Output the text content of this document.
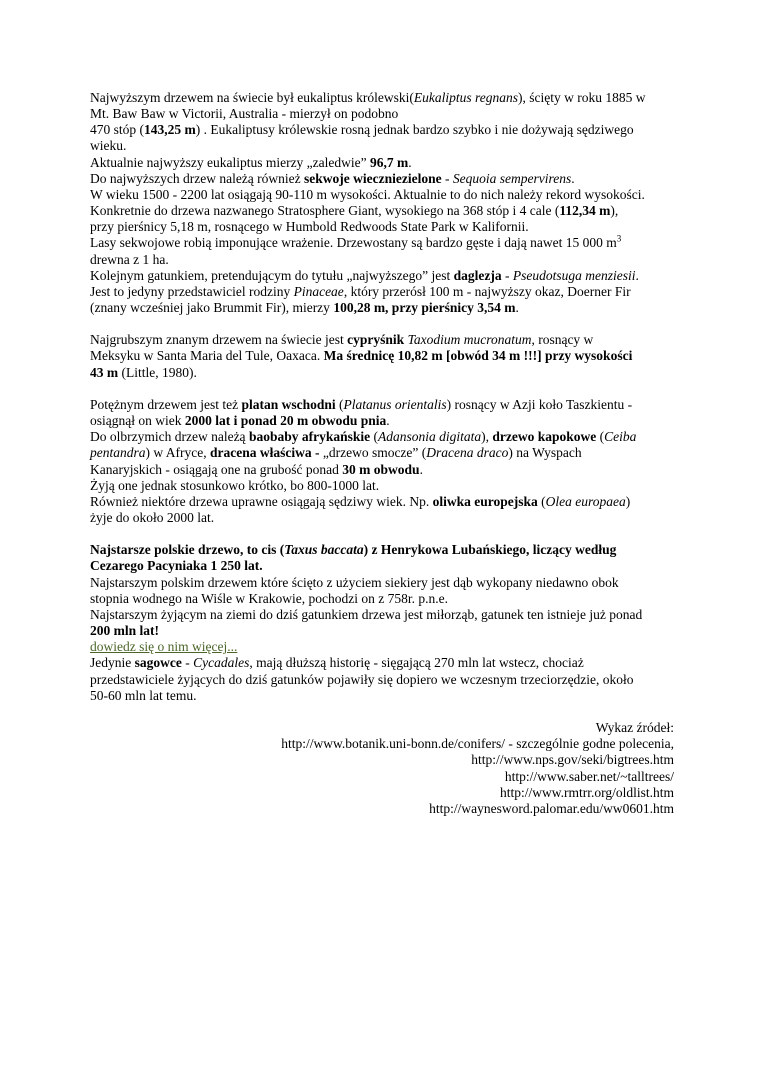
Najwyższym drzewem na świecie był eukaliptus królewski(Eukaliptus regnans), ścięty w roku 1885 w
Mt. Baw Baw w Victorii, Australia - mierzył on podobno
470 stóp (143,25 m) . Eukaliptusy królewskie rosną jednak bardzo szybko i nie dożywają sędziwego
wieku.
Aktualnie najwyższy eukaliptus mierzy „zaledwie” 96,7 m.
Do najwyższych drzew należą również sekwoje wieczniezielone - Sequoia sempervirens.
W wieku 1500 - 2200 lat osiągają 90-110 m wysokości. Aktualnie to do nich należy rekord wysokości.
Konkretnie do drzewa nazwanego Stratosphere Giant, wysokiego na 368 stóp i 4 cale (112,34 m),
przy pierśnicy 5,18 m, rosnącego w Humbold Redwoods State Park w Kalifornii.
Lasy sekwojowe robią imponujące wrażenie. Drzewostany są bardzo gęste i dają nawet 15 000 $m^3$
drewna z 1 ha.
Kolejnym gatunkiem, pretendującym do tytułu „najwyższego” jest daglezja - Pseudotsuga menziesii.
Jest to jedyny przedstawiciel rodziny Pinaceae, który przerósł 100 m - najwyższy okaz, Doerner Fir
(znany wcześniej jako Brummit Fir), mierzy 100,28 m, przy pierśnicy 3,54 m.
Najgrubszym znanym drzewem na świecie jest cypryśnik Taxodium mucronatum, rosnący w
Meksyku w Santa Maria del Tule, Oaxaca. Ma średnicę 10,82 m [obwód 34 m !!!] przy wysokości
43 m (Little, 1980).
Potężnym drzewem jest też platan wschodni (Platanus orientalis) rosnący w Azji koło Taszkientu -
osiągnął on wiek 2000 lat i ponad 20 m obwodu pnia.
Do olbrzymich drzew należą baobaby afrykańskie (Adansonia digitata), drzewo kapokowe (Ceiba
pentandra) w Afryce, dracena właściwa - „drzewo smocze” (Dracena draco) na Wyspach
Kanaryjskich - osiągają one na grubość ponad 30 m obwodu.
Żyją one jednak stosunkowo krótko, bo 800-1000 lat.
Również niektóre drzewa uprawne osiągają sędziwy wiek. Np. oliwka europejska (Olea europaea)
żyje do około 2000 lat.
Najstarsze polskie drzewo, to cis (Taxus baccata) z Henrykowa Lubańskiego, liczący według
Cezarego Pacyniaka 1 250 lat.
Najstarszym polskim drzewem które ścięto z użyciem siekiery jest dąb wykopany niedawno obok
stopnia wodnego na Wiśle w Krakowie, pochodzi on z 758r. p.n.e.
Najstarszym żyjącym na ziemi do dziś gatunkiem drzewa jest miłorząb, gatunek ten istnieje już ponad
200 mln lat!
dowiedz się o nim więcej...
Jedynie sagowce - Cycadales, mają dłuższą historię - sięgającą 270 mln lat wstecz, chociaż
przedstawiciele żyjących do dziś gatunków pojawiły się dopiero we wczesnym trzeciorzędzie, około
50-60 mln lat temu.
Wykaz źródeł:
http://www.botanik.uni-bonn.de/conifers/ - szczególnie godne polecenia,
http://www.nps.gov/seki/bigtrees.htm
http://www.saber.net/~talltrees/
http://www.rmtrr.org/oldlist.htm
http://waynesword.palomar.edu/ww0601.htm
